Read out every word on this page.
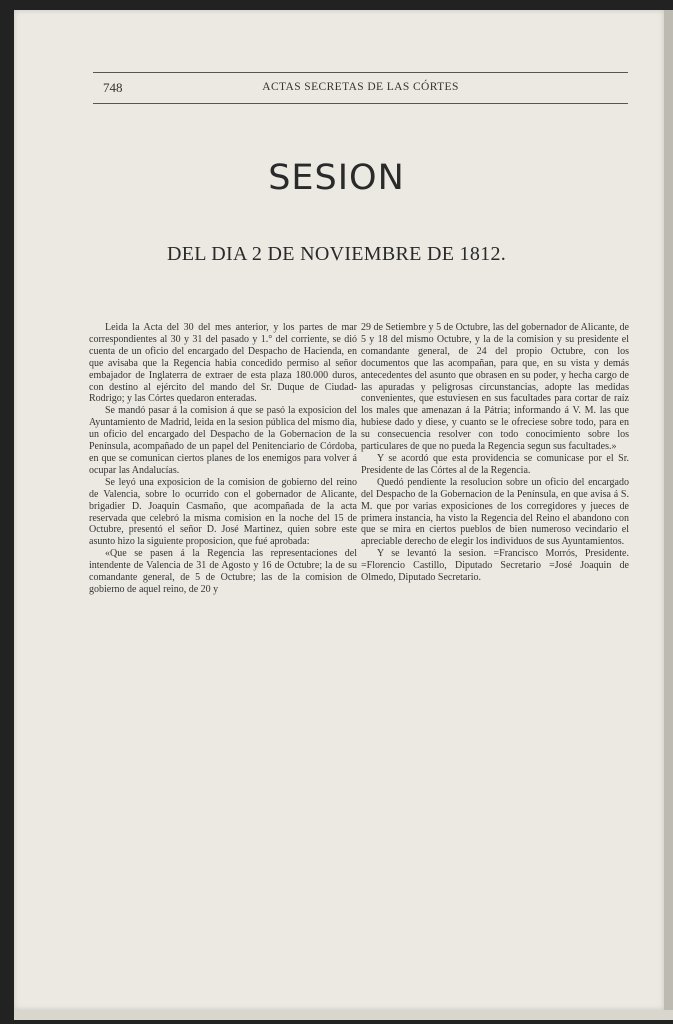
748	ACTAS SECRETAS DE LAS CÓRTES
SESION
DEL DIA 2 DE NOVIEMBRE DE 1812.

Leida la Acta del 30 del mes anterior, y los partes de mar correspondientes al 30 y 31 del pasado y 1.° del corriente, se dió cuenta de un oficio del encargado del Despacho de Hacienda, en que avisaba que la Regencia habia concedido permiso al señor embajador de Inglaterra de extraer de esta plaza 180.000 duros, con destino al ejército del mando del Sr. Duque de Ciudad-Rodrigo; y las Córtes quedaron enteradas.

Se mandó pasar á la comision á que se pasó la exposicion del Ayuntamiento de Madrid, leida en la sesion pública del mismo dia, un oficio del encargado del Despacho de la Gobernacion de la Península, acompañado de un papel del Penitenciario de Córdoba, en que se comunican ciertos planes de los enemigos para volver á ocupar las Andalucías.

Se leyó una exposicion de la comision de gobierno del reino de Valencia, sobre lo ocurrido con el gobernador de Alicante, brigadier D. Joaquin Casmaño, que acompañada de la acta reservada que celebró la misma comision en la noche del 15 de Octubre, presentó el señor D. José Martinez, quien sobre este asunto hizo la siguiente proposicion, que fué aprobada:

«Que se pasen á la Regencia las representaciones del intendente de Valencia de 31 de Agosto y 16 de Octubre; la de su comandante general, de 5 de Octubre; las de la comision de gobierno de aquel reino, de 20 y

29 de Setiembre y 5 de Octubre, las del gobernador de Alicante, de 5 y 18 del mismo Octubre, y la de la comision y su presidente el comandante general, de 24 del propio Octubre, con los documentos que las acompañan, para que, en su vista y demás antecedentes del asunto que obrasen en su poder, y hecha cargo de las apuradas y peligrosas circunstancias, adopte las medidas convenientes, que estuviesen en sus facultades para cortar de raíz los males que amenazan á la Pátria; informando á V. M. las que hubiese dado y diese, y cuanto se le ofreciese sobre todo, para en su consecuencia resolver con todo conocimiento sobre los particulares de que no pueda la Regencia segun sus facultades.»

Y se acordó que esta providencia se comunicase por el Sr. Presidente de las Córtes al de la Regencia.

Quedó pendiente la resolucion sobre un oficio del encargado del Despacho de la Gobernacion de la Península, en que avisa á S. M. que por varias exposiciones de los corregidores y jueces de primera instancia, ha visto la Regencia del Reino el abandono con que se mira en ciertos pueblos de bien numeroso vecindario el apreciable derecho de elegir los individuos de sus Ayuntamientos.

Y se levantó la sesion. =Francisco Morrós, Presidente. =Florencio Castillo, Diputado Secretario =José Joaquin de Olmedo, Diputado Secretario.
